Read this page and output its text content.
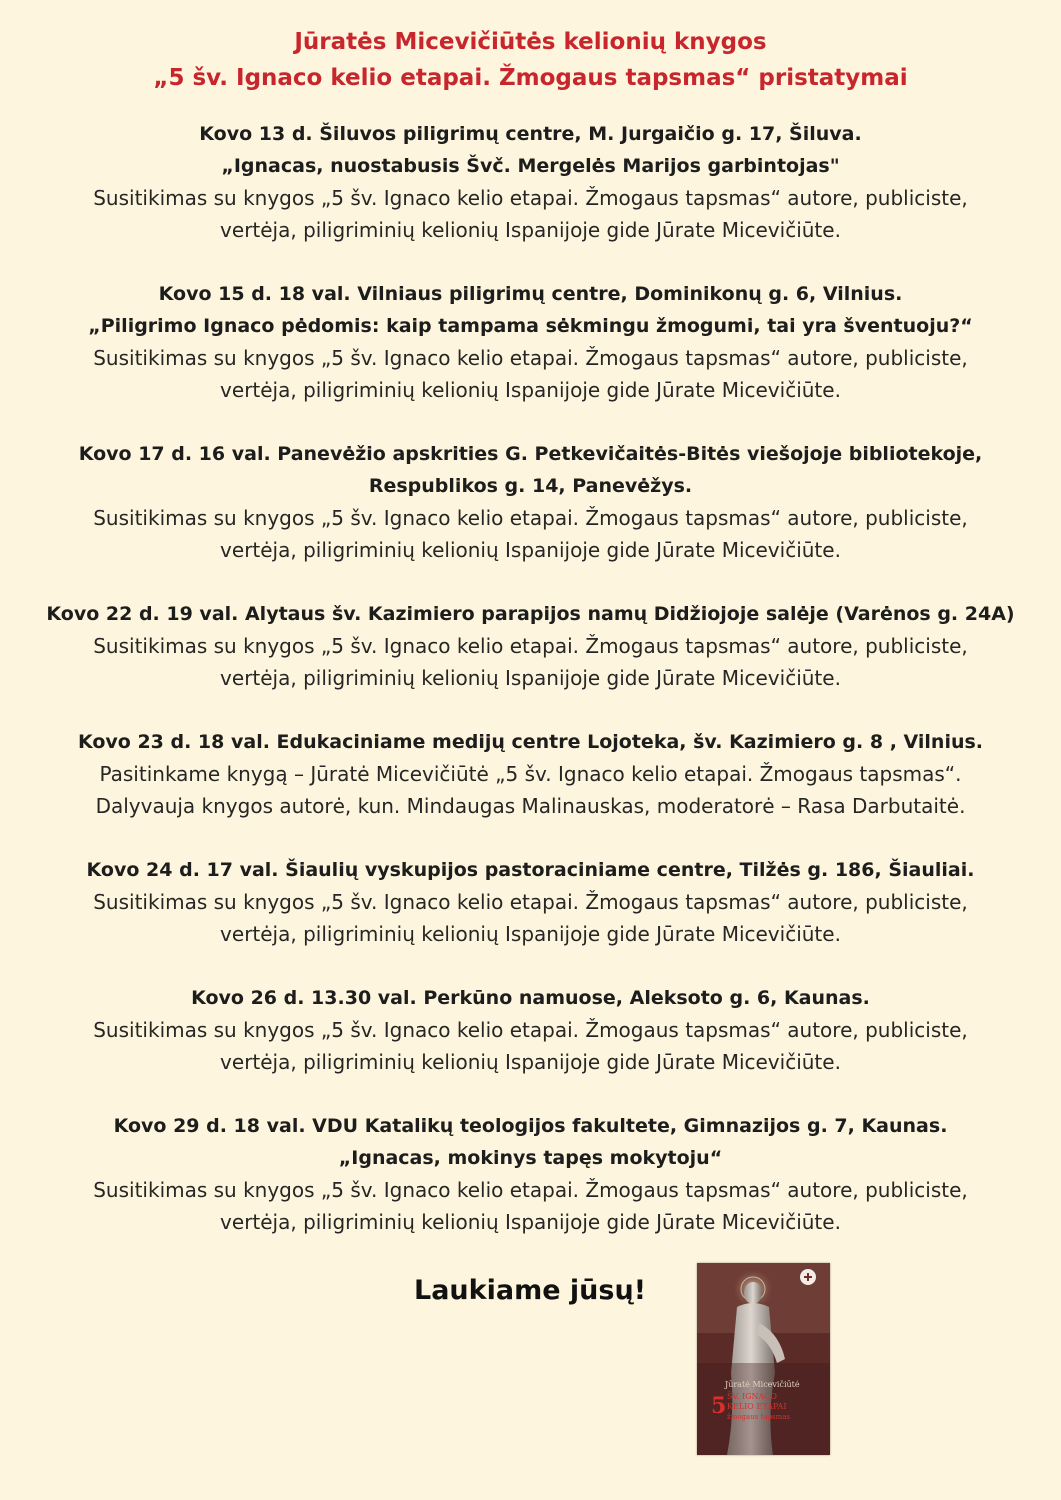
Jūratės Micevičiūtės kelionių knygos
„5 šv. Ignaco kelio etapai. Žmogaus tapsmas“ pristatymai
Kovo 13 d. Šiluvos piligrimų centre, M. Jurgaičio g. 17, Šiluva.
„Ignacas, nuostabusis Švč. Mergelės Marijos garbintojas"
Susitikimas su knygos „5 šv. Ignaco kelio etapai. Žmogaus tapsmas“ autore, publiciste,
vertėja, piligriminių kelionių Ispanijoje gide Jūrate Micevičiūte.
Kovo 15 d. 18 val. Vilniaus piligrimų centre, Dominikonų g. 6, Vilnius.
„Piligrimo Ignaco pėdomis: kaip tampama sėkmingu žmogumi, tai yra šventuoju?“
Susitikimas su knygos „5 šv. Ignaco kelio etapai. Žmogaus tapsmas“ autore, publiciste,
vertėja, piligriminių kelionių Ispanijoje gide Jūrate Micevičiūte.
Kovo 17 d. 16 val. Panevėžio apskrities G. Petkevičaitės-Bitės viešojoje bibliotekoje,
Respublikos g. 14, Panevėžys.
Susitikimas su knygos „5 šv. Ignaco kelio etapai. Žmogaus tapsmas“ autore, publiciste,
vertėja, piligriminių kelionių Ispanijoje gide Jūrate Micevičiūte.
Kovo 22 d. 19 val. Alytaus šv. Kazimiero parapijos namų Didžiojoje salėje (Varėnos g. 24A)
Susitikimas su knygos „5 šv. Ignaco kelio etapai. Žmogaus tapsmas“ autore, publiciste,
vertėja, piligriminių kelionių Ispanijoje gide Jūrate Micevičiūte.
Kovo 23 d. 18 val. Edukaciniame medijų centre Lojoteka, šv. Kazimiero g. 8 , Vilnius.
Pasitinkame knygą – Jūratė Micevičiūtė „5 šv. Ignaco kelio etapai. Žmogaus tapsmas“.
Dalyvauja knygos autorė, kun. Mindaugas Malinauskas, moderatorė – Rasa Darbutaitė.
Kovo 24 d. 17 val. Šiaulių vyskupijos pastoraciniame centre, Tilžės g. 186, Šiauliai.
Susitikimas su knygos „5 šv. Ignaco kelio etapai. Žmogaus tapsmas“ autore, publiciste,
vertėja, piligriminių kelionių Ispanijoje gide Jūrate Micevičiūte.
Kovo 26 d. 13.30 val. Perkūno namuose, Aleksoto g. 6, Kaunas.
Susitikimas su knygos „5 šv. Ignaco kelio etapai. Žmogaus tapsmas“ autore, publiciste,
vertėja, piligriminių kelionių Ispanijoje gide Jūrate Micevičiūte.
Kovo 29 d. 18 val. VDU Katalikų teologijos fakultete, Gimnazijos g. 7, Kaunas.
„Ignacas, mokinys tapęs mokytoju“
Susitikimas su knygos „5 šv. Ignaco kelio etapai. Žmogaus tapsmas“ autore, publiciste,
vertėja, piligriminių kelionių Ispanijoje gide Jūrate Micevičiūte.
Laukiame jūsų!
Jūratė Micevičiūtė
5 ŠV. IGNACO
KELIO ETAPAI
žmogaus tapsmas
